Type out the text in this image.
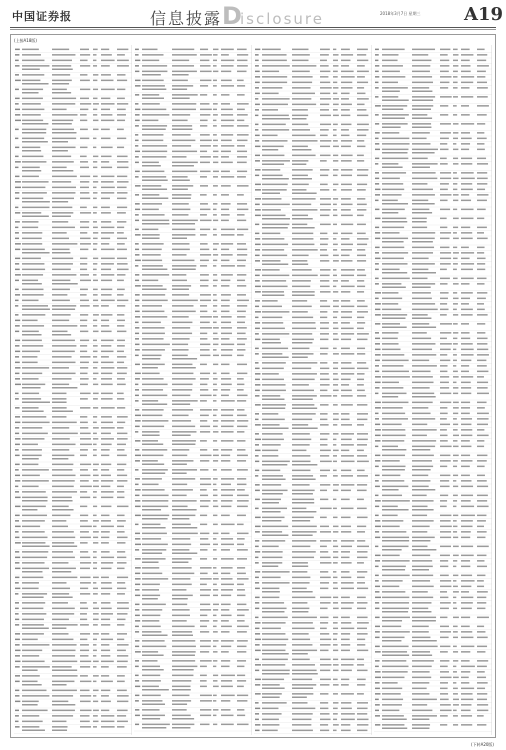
中国证券报	信息披露 D
isclosure	2018年3月7日 星期三 A19
(上接A18版)
(下转A20版)
